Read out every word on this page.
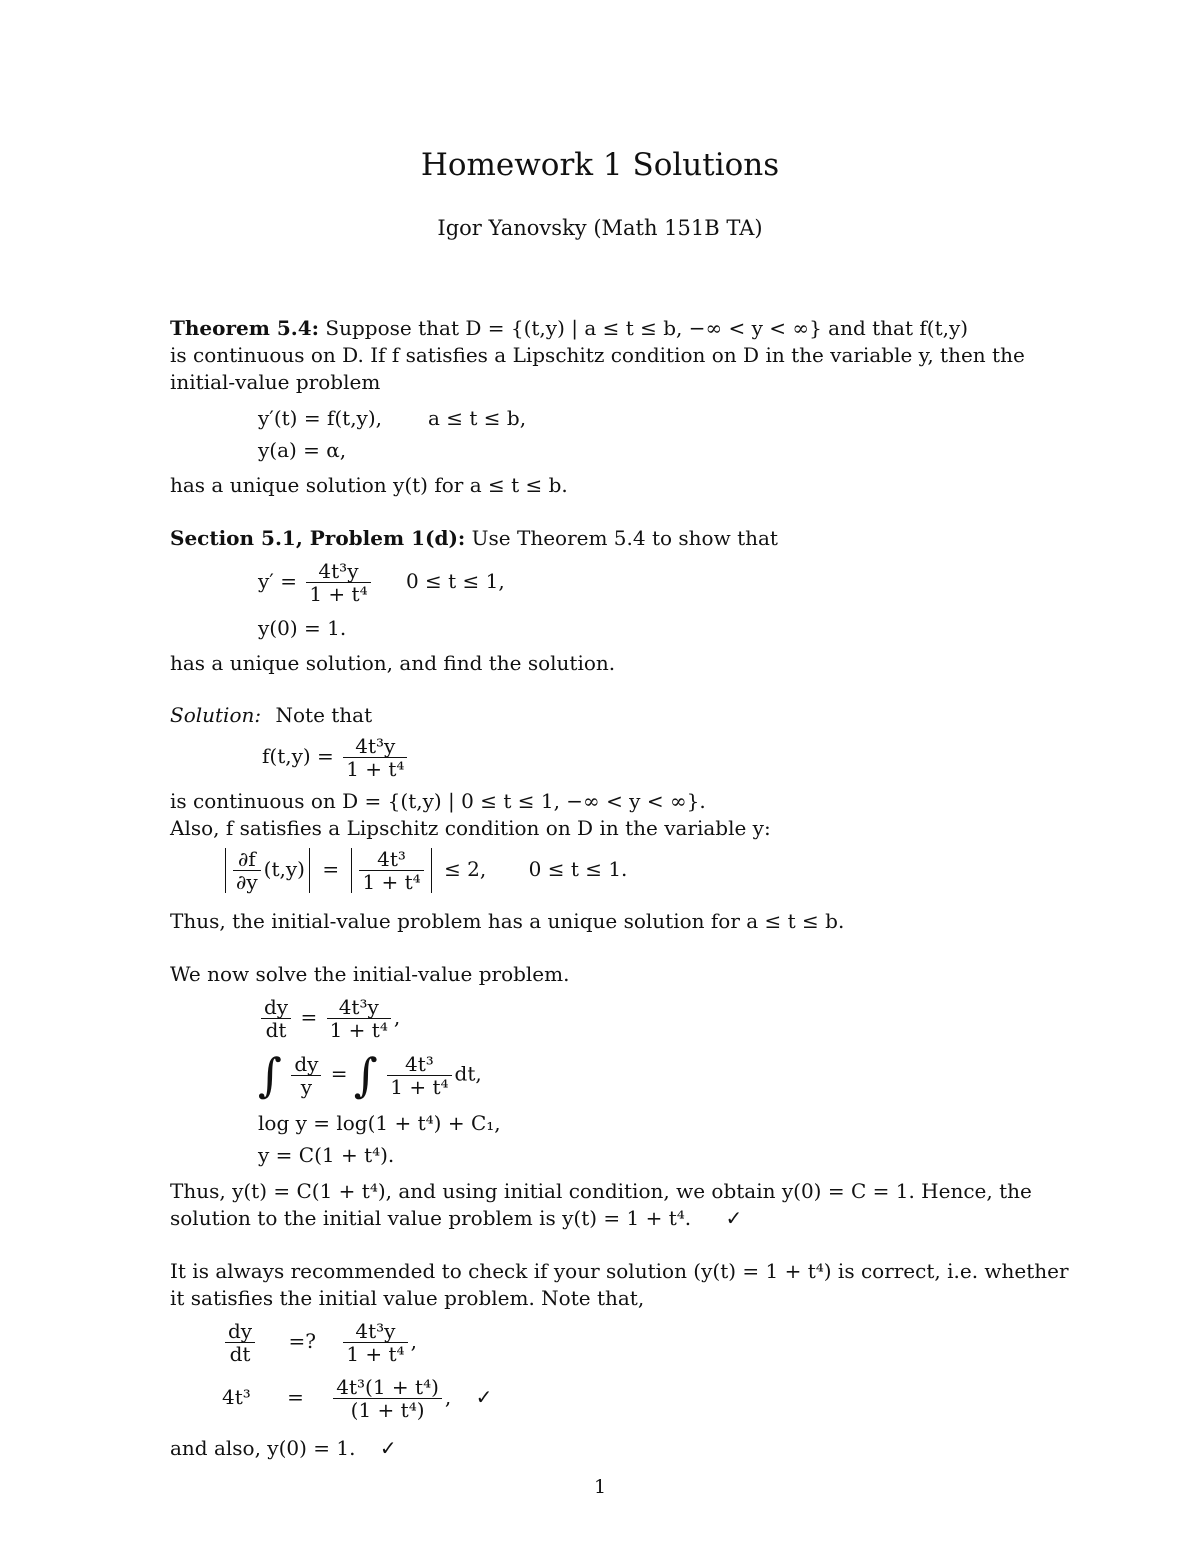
Homework 1 Solutions
Igor Yanovsky (Math 151B TA)
Theorem 5.4: Suppose that D = {(t,y) | a ≤ t ≤ b, −∞ < y < ∞} and that f(t,y)
is continuous on D. If f satisfies a Lipschitz condition on D in the variable y, then the
initial-value problem
y′(t) = f(t,y), a ≤ t ≤ b,
y(a) = α,
has a unique solution y(t) for a ≤ t ≤ b.
Section 5.1, Problem 1(d): Use Theorem 5.4 to show that
$y' = \frac{\text{4t³y}}{\text{1 + t⁴}} 0 \le t \le 1$,
y(0) = 1.
has a unique solution, and find the solution.
Solution: Note that
$f(t,y) = \frac{\text{4t³y}}{\text{1 + t⁴}}$
is continuous on D = {(t,y) | 0 ≤ t ≤ 1, −∞ < y < ∞}.
Also, f satisfies a Lipschitz condition on D in the variable y:
$\frac{\partial f}{\partial y} (t,y) = \frac{\text{4t³}}{\text{1 + t⁴}} \le 2$, 0 ≤ t ≤ 1.
Thus, the initial-value problem has a unique solution for a ≤ t ≤ b.
We now solve the initial-value problem.
$\frac{dy}{dt} = \frac{\text{4t³y}}{\text{1 + t⁴}}$ ,
∫ $\frac{dy}{y}$ = ∫ $\frac{\text{4t³}}{\text{1 + t⁴}}$ dt,
log y = log(1 + t⁴) + C₁,
y = C(1 + t⁴).
Thus, y(t) = C(1 + t⁴), and using initial condition, we obtain y(0) = C = 1. Hence, the
solution to the initial value problem is y(t) = 1 + t⁴. ✓
It is always recommended to check if your solution (y(t) = 1 + t⁴) is correct, i.e. whether
it satisfies the initial value problem. Note that,
$\frac{dy}{dt}$ =? $\frac{\text{4t³y}}{\text{1 + t⁴}}$ ,
$4t^3 = \frac{\text{4t³(1 + t⁴)}}{\text{(1 + t⁴)}}$ , ✓
and also, y(0) = 1. ✓
1
